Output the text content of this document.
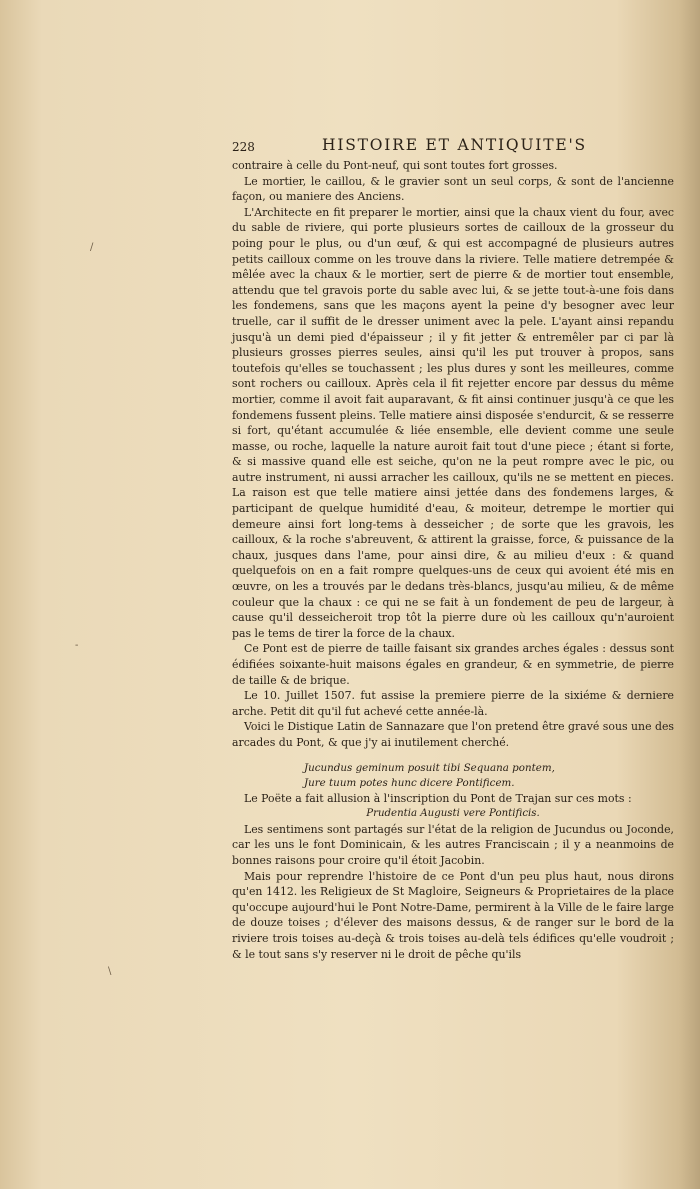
228	HISTOIRE ET ANTIQUITE'S

contraire à celle du Pont-neuf, qui sont toutes fort grosses.

Le mortier, le caillou, & le gravier sont un seul corps, & sont de l'ancienne façon, ou maniere des Anciens.

L'Architecte en fit preparer le mortier, ainsi que la chaux vient du four, avec du sable de riviere, qui porte plusieurs sortes de cailloux de la grosseur du poing pour le plus, ou d'un œuf, & qui est accompagné de plusieurs autres petits cailloux comme on les trouve dans la riviere. Telle matiere detrempée & mêlée avec la chaux & le mortier, sert de pierre & de mortier tout ensemble, attendu que tel gravois porte du sable avec lui, & se jette tout-à-une fois dans les fondemens, sans que les maçons ayent la peine d'y besogner avec leur truelle, car il suffit de le dresser uniment avec la pele. L'ayant ainsi repandu jusqu'à un demi pied d'épaisseur ; il y fit jetter & entremêler par ci par là plusieurs grosses pierres seules, ainsi qu'il les put trouver à propos, sans toutefois qu'elles se touchassent ; les plus dures y sont les meilleures, comme sont rochers ou cailloux. Après cela il fit rejetter encore par dessus du même mortier, comme il avoit fait auparavant, & fit ainsi continuer jusqu'à ce que les fondemens fussent pleins. Telle matiere ainsi disposée s'endurcit, & se resserre si fort, qu'étant accumulée & liée ensemble, elle devient comme une seule masse, ou roche, laquelle la nature auroit fait tout d'une piece ; étant si forte, & si massive quand elle est seiche, qu'on ne la peut rompre avec le pic, ou autre instrument, ni aussi arracher les cailloux, qu'ils ne se mettent en pieces. La raison est que telle matiere ainsi jettée dans des fondemens larges, & participant de quelque humidité d'eau, & moiteur, detrempe le mortier qui demeure ainsi fort long-tems à desseicher ; de sorte que les gravois, les cailloux, & la roche s'abreuvent, & attirent la graisse, force, & puissance de la chaux, jusques dans l'ame, pour ainsi dire, & au milieu d'eux : & quand quelquefois on en a fait rompre quelques-uns de ceux qui avoient été mis en œuvre, on les a trouvés par le dedans très-blancs, jusqu'au milieu, & de même couleur que la chaux : ce qui ne se fait à un fondement de peu de largeur, à cause qu'il desseicheroit trop tôt la pierre dure où les cailloux qu'n'auroient pas le tems de tirer la force de la chaux.

Ce Pont est de pierre de taille faisant six grandes arches égales : dessus sont édifiées soixante-huit maisons égales en grandeur, & en symmetrie, de pierre de taille & de brique.

Le 10. Juillet 1507. fut assise la premiere pierre de la sixiéme & derniere arche. Petit dit qu'il fut achevé cette année-là.

Voici le Distique Latin de Sannazare que l'on pretend être gravé sous une des arcades du Pont, & que j'y ai inutilement cherché.

Jucundus geminum posuit tibi Sequana pontem,

Jure tuum potes hunc dicere Pontificem.

Le Poëte a fait allusion à l'inscription du Pont de Trajan sur ces mots :

Prudentia Augusti vere Pontificis.

Les sentimens sont partagés sur l'état de la religion de Jucundus ou Joconde, car les uns le font Dominicain, & les autres Franciscain ; il y a neanmoins de bonnes raisons pour croire qu'il étoit Jacobin.

Mais pour reprendre l'histoire de ce Pont d'un peu plus haut, nous dirons qu'en 1412. les Religieux de St Magloire, Seigneurs & Proprietaires de la place qu'occupe aujourd'hui le Pont Notre-Dame, permirent à la Ville de le faire large de douze toises ; d'élever des maisons dessus, & de ranger sur le bord de la riviere trois toises au-deçà & trois toises au-delà tels édifices qu'elle voudroit ; & le tout sans s'y reserver ni le droit de pêche qu'ils

/
‐
\
